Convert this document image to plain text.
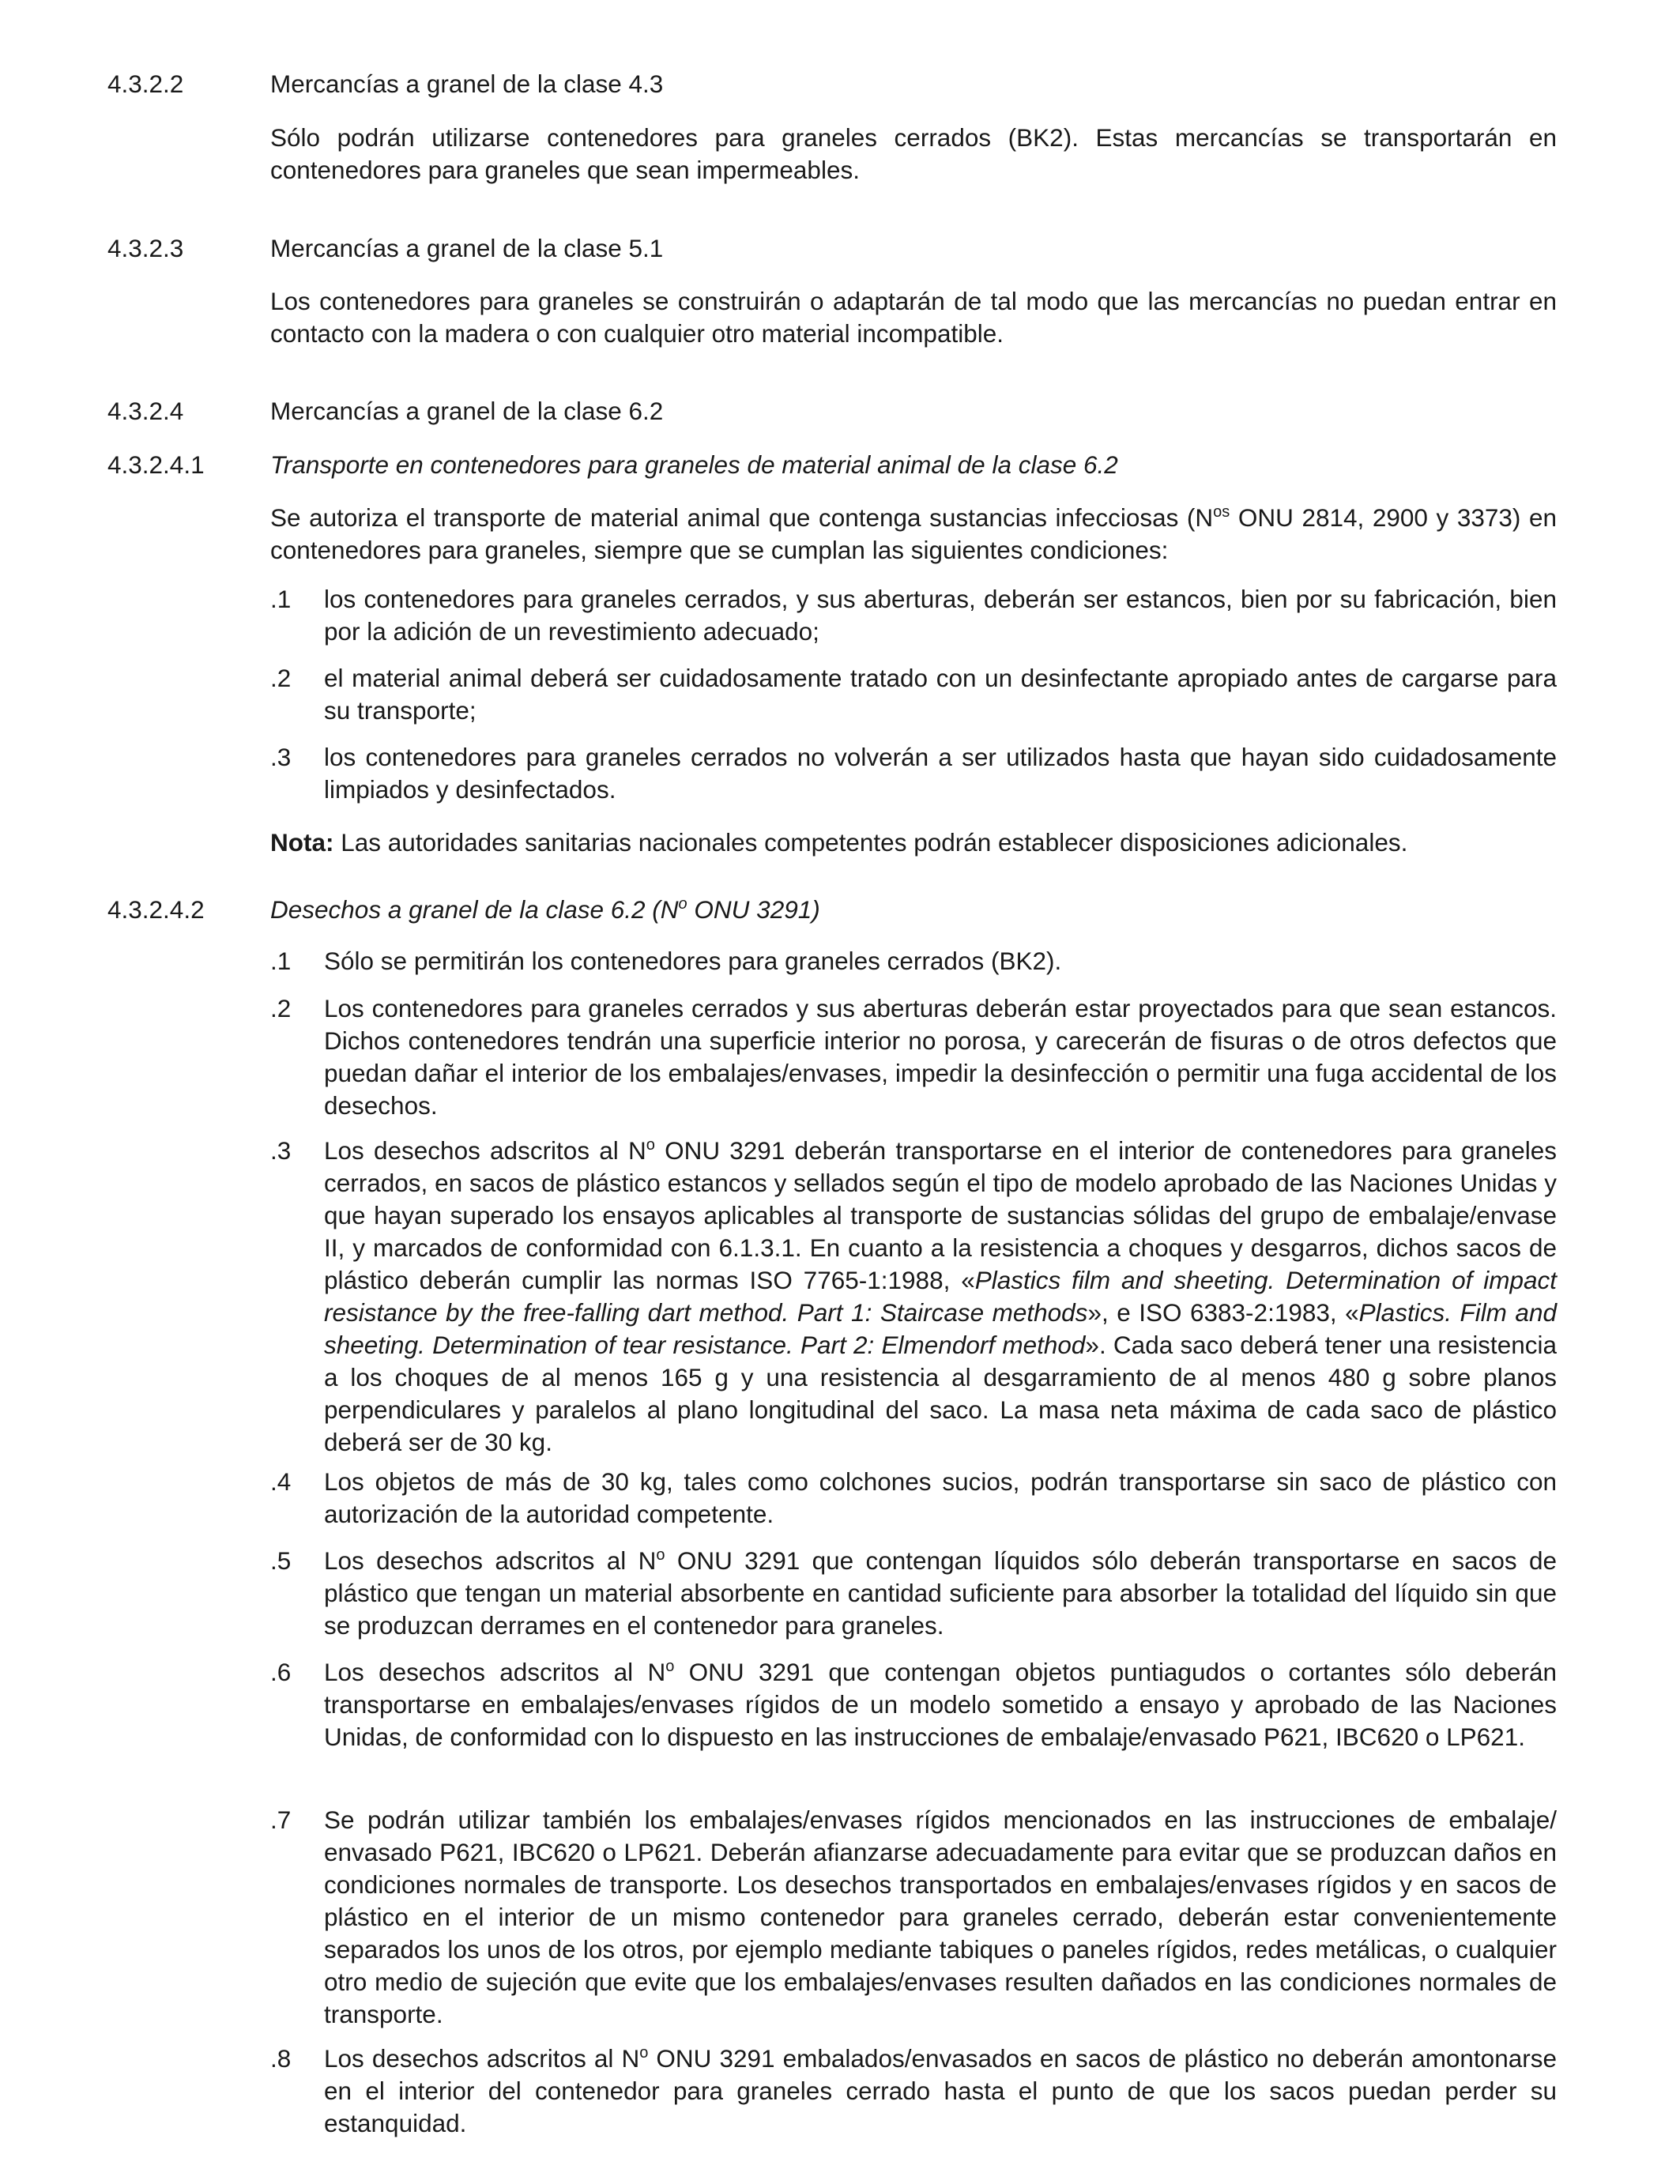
4.3.2.2	Mercancías a granel de la clase 4.3
Sólo podrán utilizarse contenedores para graneles cerrados (BK2). Estas mercancías se transportarán en contenedores para graneles que sean impermeables.
4.3.2.3	Mercancías a granel de la clase 5.1
Los contenedores para graneles se construirán o adaptarán de tal modo que las mercancías no puedan entrar en contacto con la madera o con cualquier otro material incompatible.
4.3.2.4	Mercancías a granel de la clase 6.2
4.3.2.4.1	Transporte en contenedores para graneles de material animal de la clase 6.2
Se autoriza el transporte de material animal que contenga sustancias infecciosas ($N^{os}$ ONU 2814, 2900 y 3373) en contenedores para graneles, siempre que se cumplan las siguientes condiciones:
.1 los contenedores para graneles cerrados, y sus aberturas, deberán ser estancos, bien por su fabricación, bien por la adición de un revestimiento adecuado;
.2 el material animal deberá ser cuidadosamente tratado con un desinfectante apropiado antes de cargarse para su transporte;
.3 los contenedores para graneles cerrados no volverán a ser utilizados hasta que hayan sido cuidadosamente limpiados y desinfectados.
Nota: Las autoridades sanitarias nacionales competentes podrán establecer disposiciones adicionales.
4.3.2.4.2	Desechos a granel de la clase 6.2 ($N^o$ ONU 3291)
.1 Sólo se permitirán los contenedores para graneles cerrados (BK2).
.2 Los contenedores para graneles cerrados y sus aberturas deberán estar proyectados para que sean estancos. Dichos contenedores tendrán una superficie interior no porosa, y carecerán de fisuras o de otros defectos que puedan dañar el interior de los embalajes/envases, impedir la desinfección o permitir una fuga accidental de los desechos.
.3 Los desechos adscritos al $N^o$ ONU 3291 deberán transportarse en el interior de contenedores para graneles cerrados, en sacos de plástico estancos y sellados según el tipo de modelo aprobado de las Naciones Unidas y que hayan superado los ensayos aplicables al transporte de sustancias sólidas del grupo de embalaje/envase II, y marcados de conformidad con 6.1.3.1. En cuanto a la resistencia a choques y desgarros, dichos sacos de plástico deberán cumplir las normas ISO 7765-1:1988, «Plastics film and sheeting. Determination of impact resistance by the free-falling dart method. Part 1: Staircase methods», e ISO 6383-2:1983, «Plastics. Film and sheeting. Determination of tear resistance. Part 2: Elmendorf method». Cada saco deberá tener una resistencia a los choques de al menos 165 g y una resistencia al desgarramiento de al menos 480 g sobre planos perpendiculares y paralelos al plano longitudinal del saco. La masa neta máxima de cada saco de plástico deberá ser de 30 kg.
.4 Los objetos de más de 30 kg, tales como colchones sucios, podrán transportarse sin saco de plástico con autorización de la autoridad competente.
.5 Los desechos adscritos al $N^o$ ONU 3291 que contengan líquidos sólo deberán transportarse en sacos de plástico que tengan un material absorbente en cantidad suficiente para absorber la totalidad del líquido sin que se produzcan derrames en el contenedor para graneles.
.6 Los desechos adscritos al $N^o$ ONU 3291 que contengan objetos puntiagudos o cortantes sólo deberán transportarse en embalajes/envases rígidos de un modelo sometido a ensayo y aprobado de las Naciones Unidas, de conformidad con lo dispuesto en las instrucciones de embalaje/envasado P621, IBC620 o LP621.
.7 Se podrán utilizar también los embalajes/envases rígidos mencionados en las instrucciones de embalaje/ envasado P621, IBC620 o LP621. Deberán afianzarse adecuadamente para evitar que se produzcan daños en condiciones normales de transporte. Los desechos transportados en embalajes/envases rígidos y en sacos de plástico en el interior de un mismo contenedor para graneles cerrado, deberán estar convenientemente separados los unos de los otros, por ejemplo mediante tabiques o paneles rígidos, redes metálicas, o cualquier otro medio de sujeción que evite que los embalajes/envases resulten dañados en las condiciones normales de transporte.
.8 Los desechos adscritos al $N^o$ ONU 3291 embalados/envasados en sacos de plástico no deberán amontonarse en el interior del contenedor para graneles cerrado hasta el punto de que los sacos puedan perder su estanquidad.
